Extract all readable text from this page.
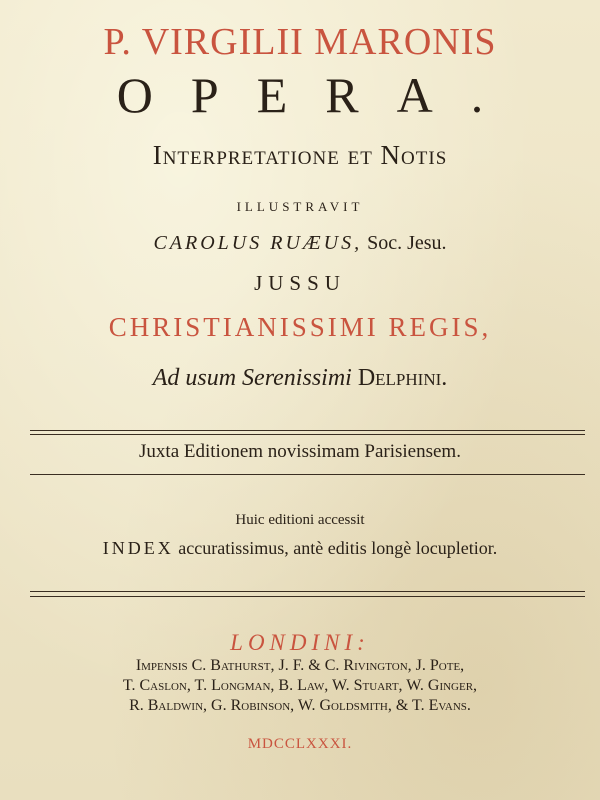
P. VIRGILII MARONIS
OPERA.
Interpretatione et Notis
ILLUSTRAVIT
CAROLUS RUÆUS, Soc. Jesu.
JUSSU
CHRISTIANISSIMI REGIS,
Ad usum Serenissimi Delphini.
Juxta Editionem novissimam Parisiensem.
Huic editioni accessit
INDEX accuratissimus, antè editis longè locupletior.
LONDINI:
Impensis C. Bathurst, J. F. & C. Rivington, J. Pote,
T. Caslon, T. Longman, B. Law, W. Stuart, W. Ginger,
R. Baldwin, G. Robinson, W. Goldsmith, & T. Evans.
MDCCLXXXI.
